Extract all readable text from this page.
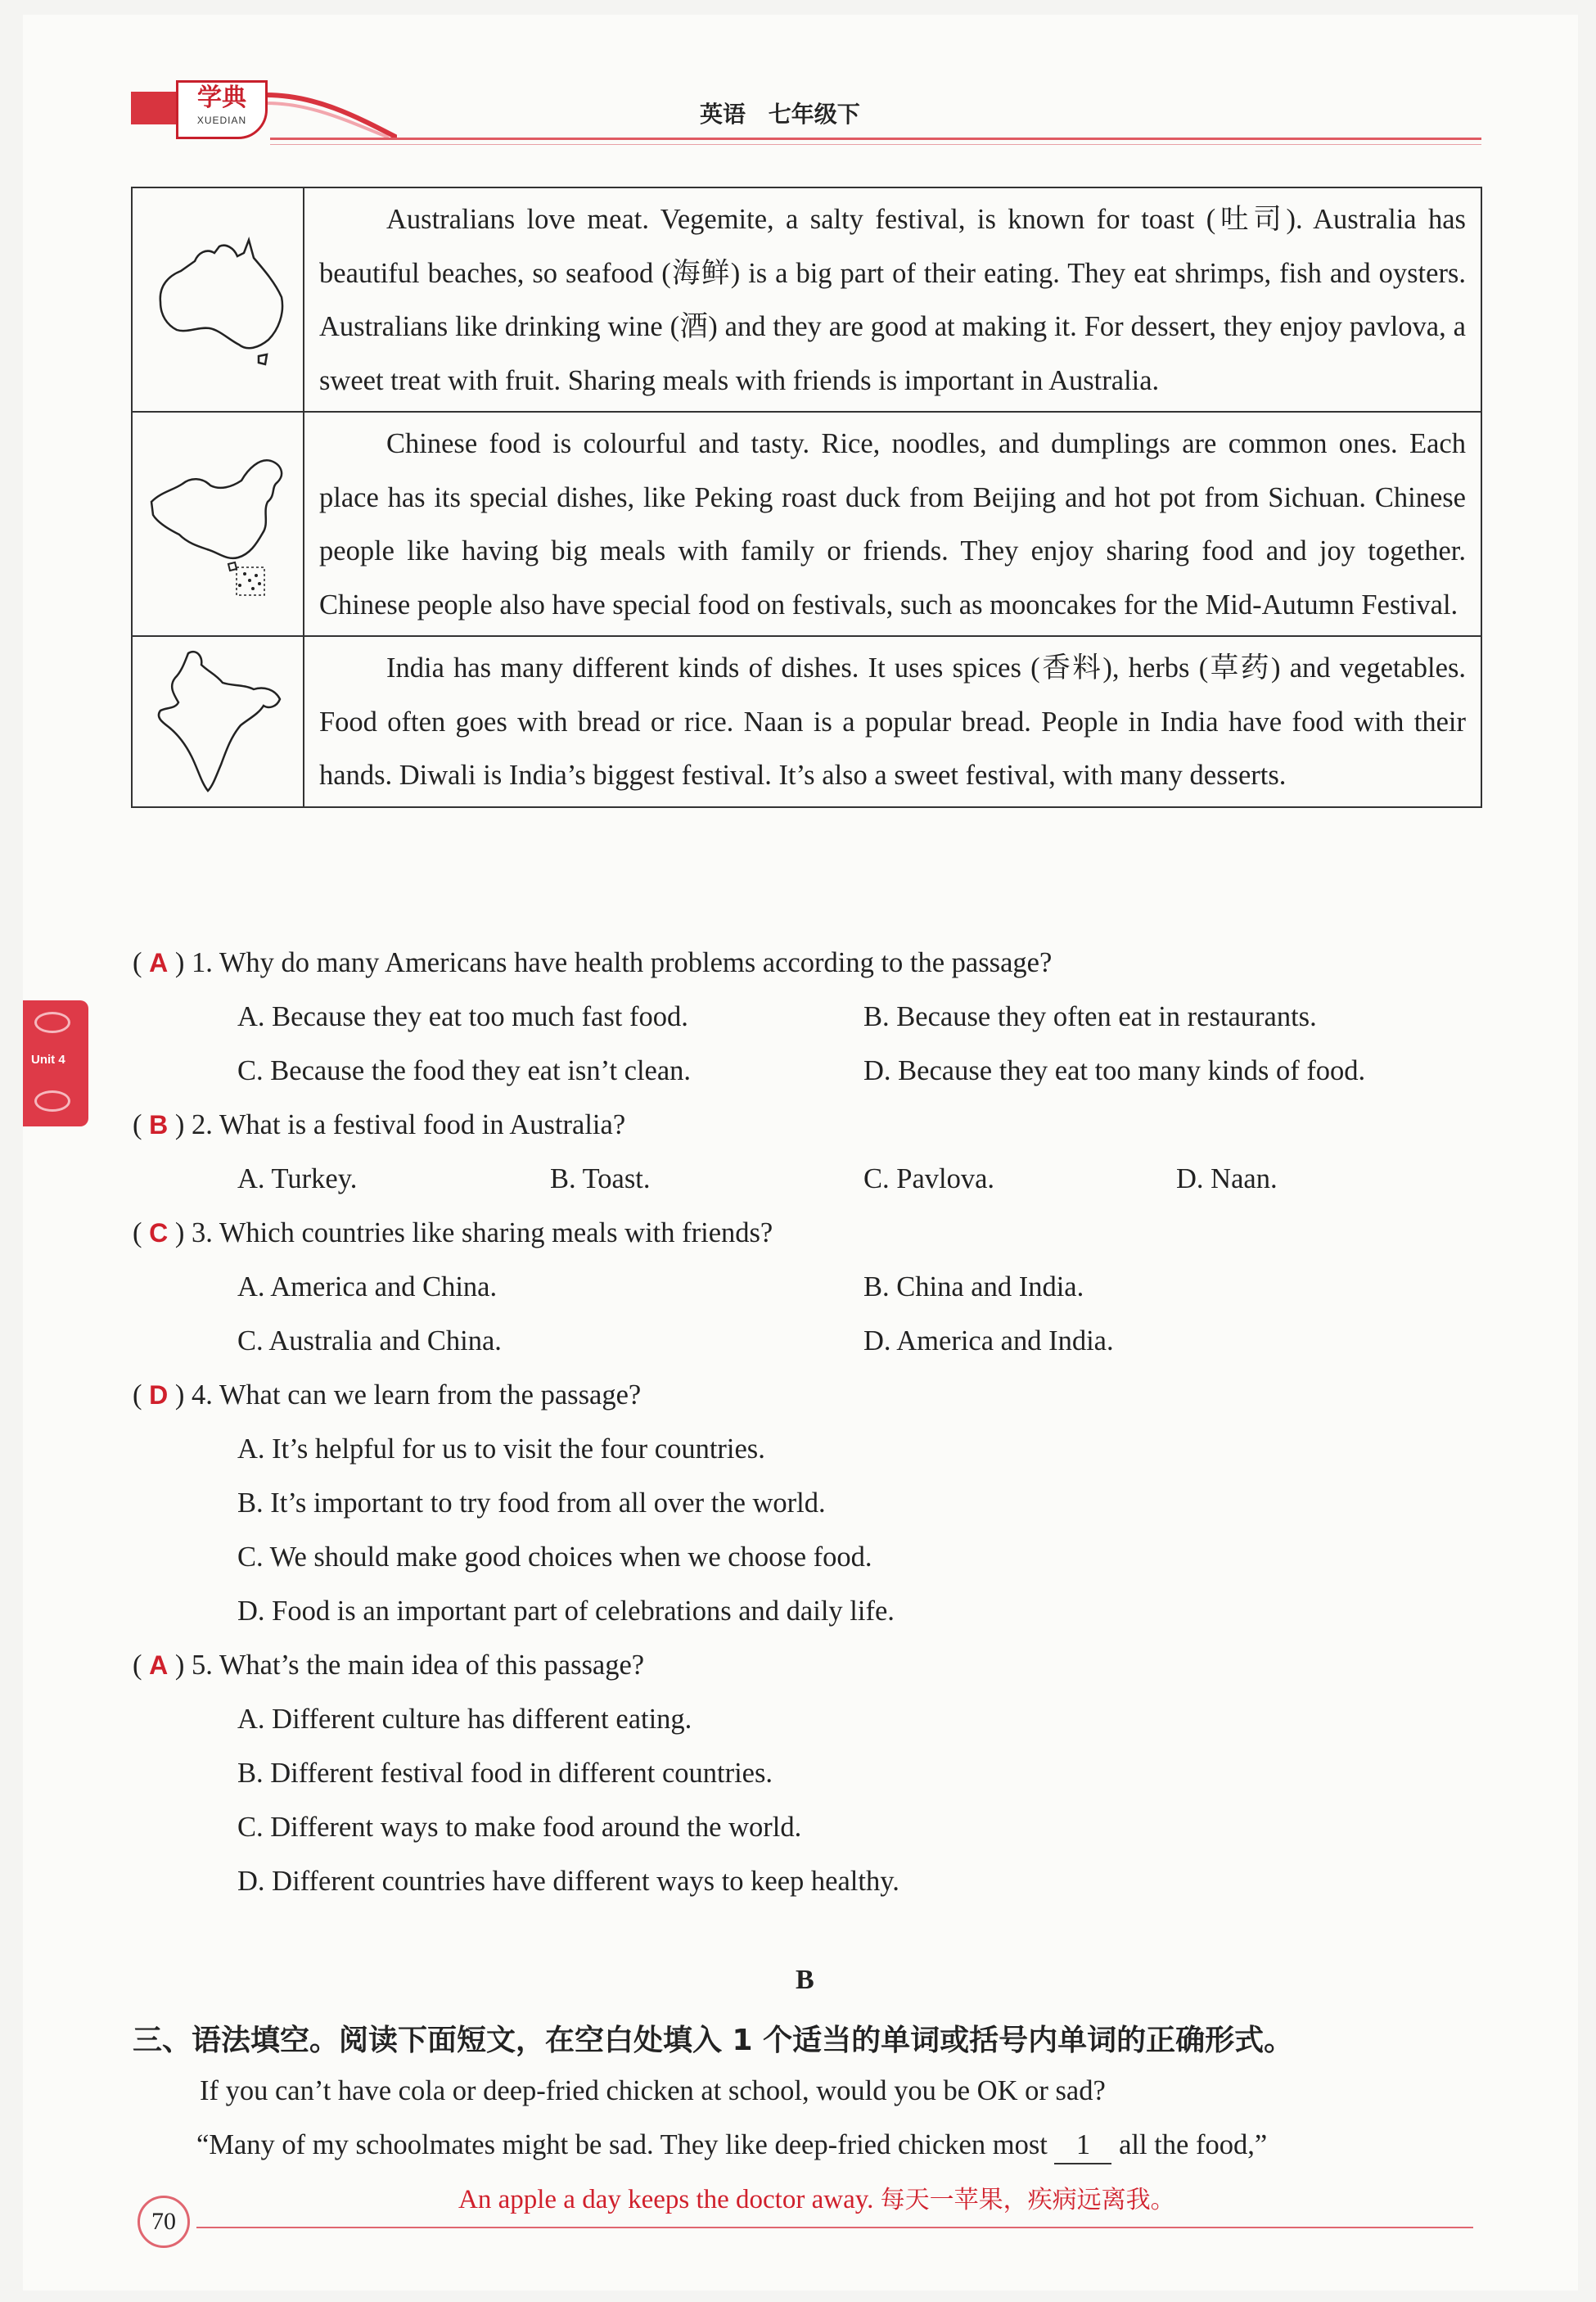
学典
XUEDIAN	英语 七年级下
Unit 4

Australians love meat. Vegemite, a salty festival, is known for toast (吐司). Australia has beautiful beaches, so seafood (海鲜) is a big part of their eating. They eat shrimps, fish and oysters. Australians like drinking wine (酒) and they are good at making it. For dessert, they enjoy pavlova, a sweet treat with fruit. Sharing meals with friends is important in Australia.

Chinese food is colourful and tasty. Rice, noodles, and dumplings are common ones. Each place has its special dishes, like Peking roast duck from Beijing and hot pot from Sichuan. Chinese people like having big meals with family or friends. They enjoy sharing food and joy together. Chinese people also have special food on festivals, such as mooncakes for the Mid-Autumn Festival.

India has many different kinds of dishes. It uses spices (香料), herbs (草药) and vegetables. Food often goes with bread or rice. Naan is a popular bread. People in India have food with their hands. Diwali is India’s biggest festival. It’s also a sweet festival, with many desserts.

( A ) 1. Why do many Americans have health problems according to the passage?
A. Because they eat too much fast food.	B. Because they often eat in restaurants.
C. Because the food they eat isn’t clean.	D. Because they eat too many kinds of food.
( B ) 2. What is a festival food in Australia?
A. Turkey.	B. Toast.	C. Pavlova.	D. Naan.
( C ) 3. Which countries like sharing meals with friends?
A. America and China.	B. China and India.
C. Australia and China.	D. America and India.
( D ) 4. What can we learn from the passage?
A. It’s helpful for us to visit the four countries.
B. It’s important to try food from all over the world.
C. We should make good choices when we choose food.
D. Food is an important part of celebrations and daily life.
( A ) 5. What’s the main idea of this passage?
A. Different culture has different eating.
B. Different festival food in different countries.
C. Different ways to make food around the world.
D. Different countries have different ways to keep healthy.
B
三、语法填空。阅读下面短文，在空白处填入 1 个适当的单词或括号内单词的正确形式。
If you can’t have cola or deep-fried chicken at school, would you be OK or sad?
“Many of my schoolmates might be sad. They like deep-fried chicken most 1 all the food,”
70
An apple a day keeps the doctor away. 每天一苹果，疾病远离我。
